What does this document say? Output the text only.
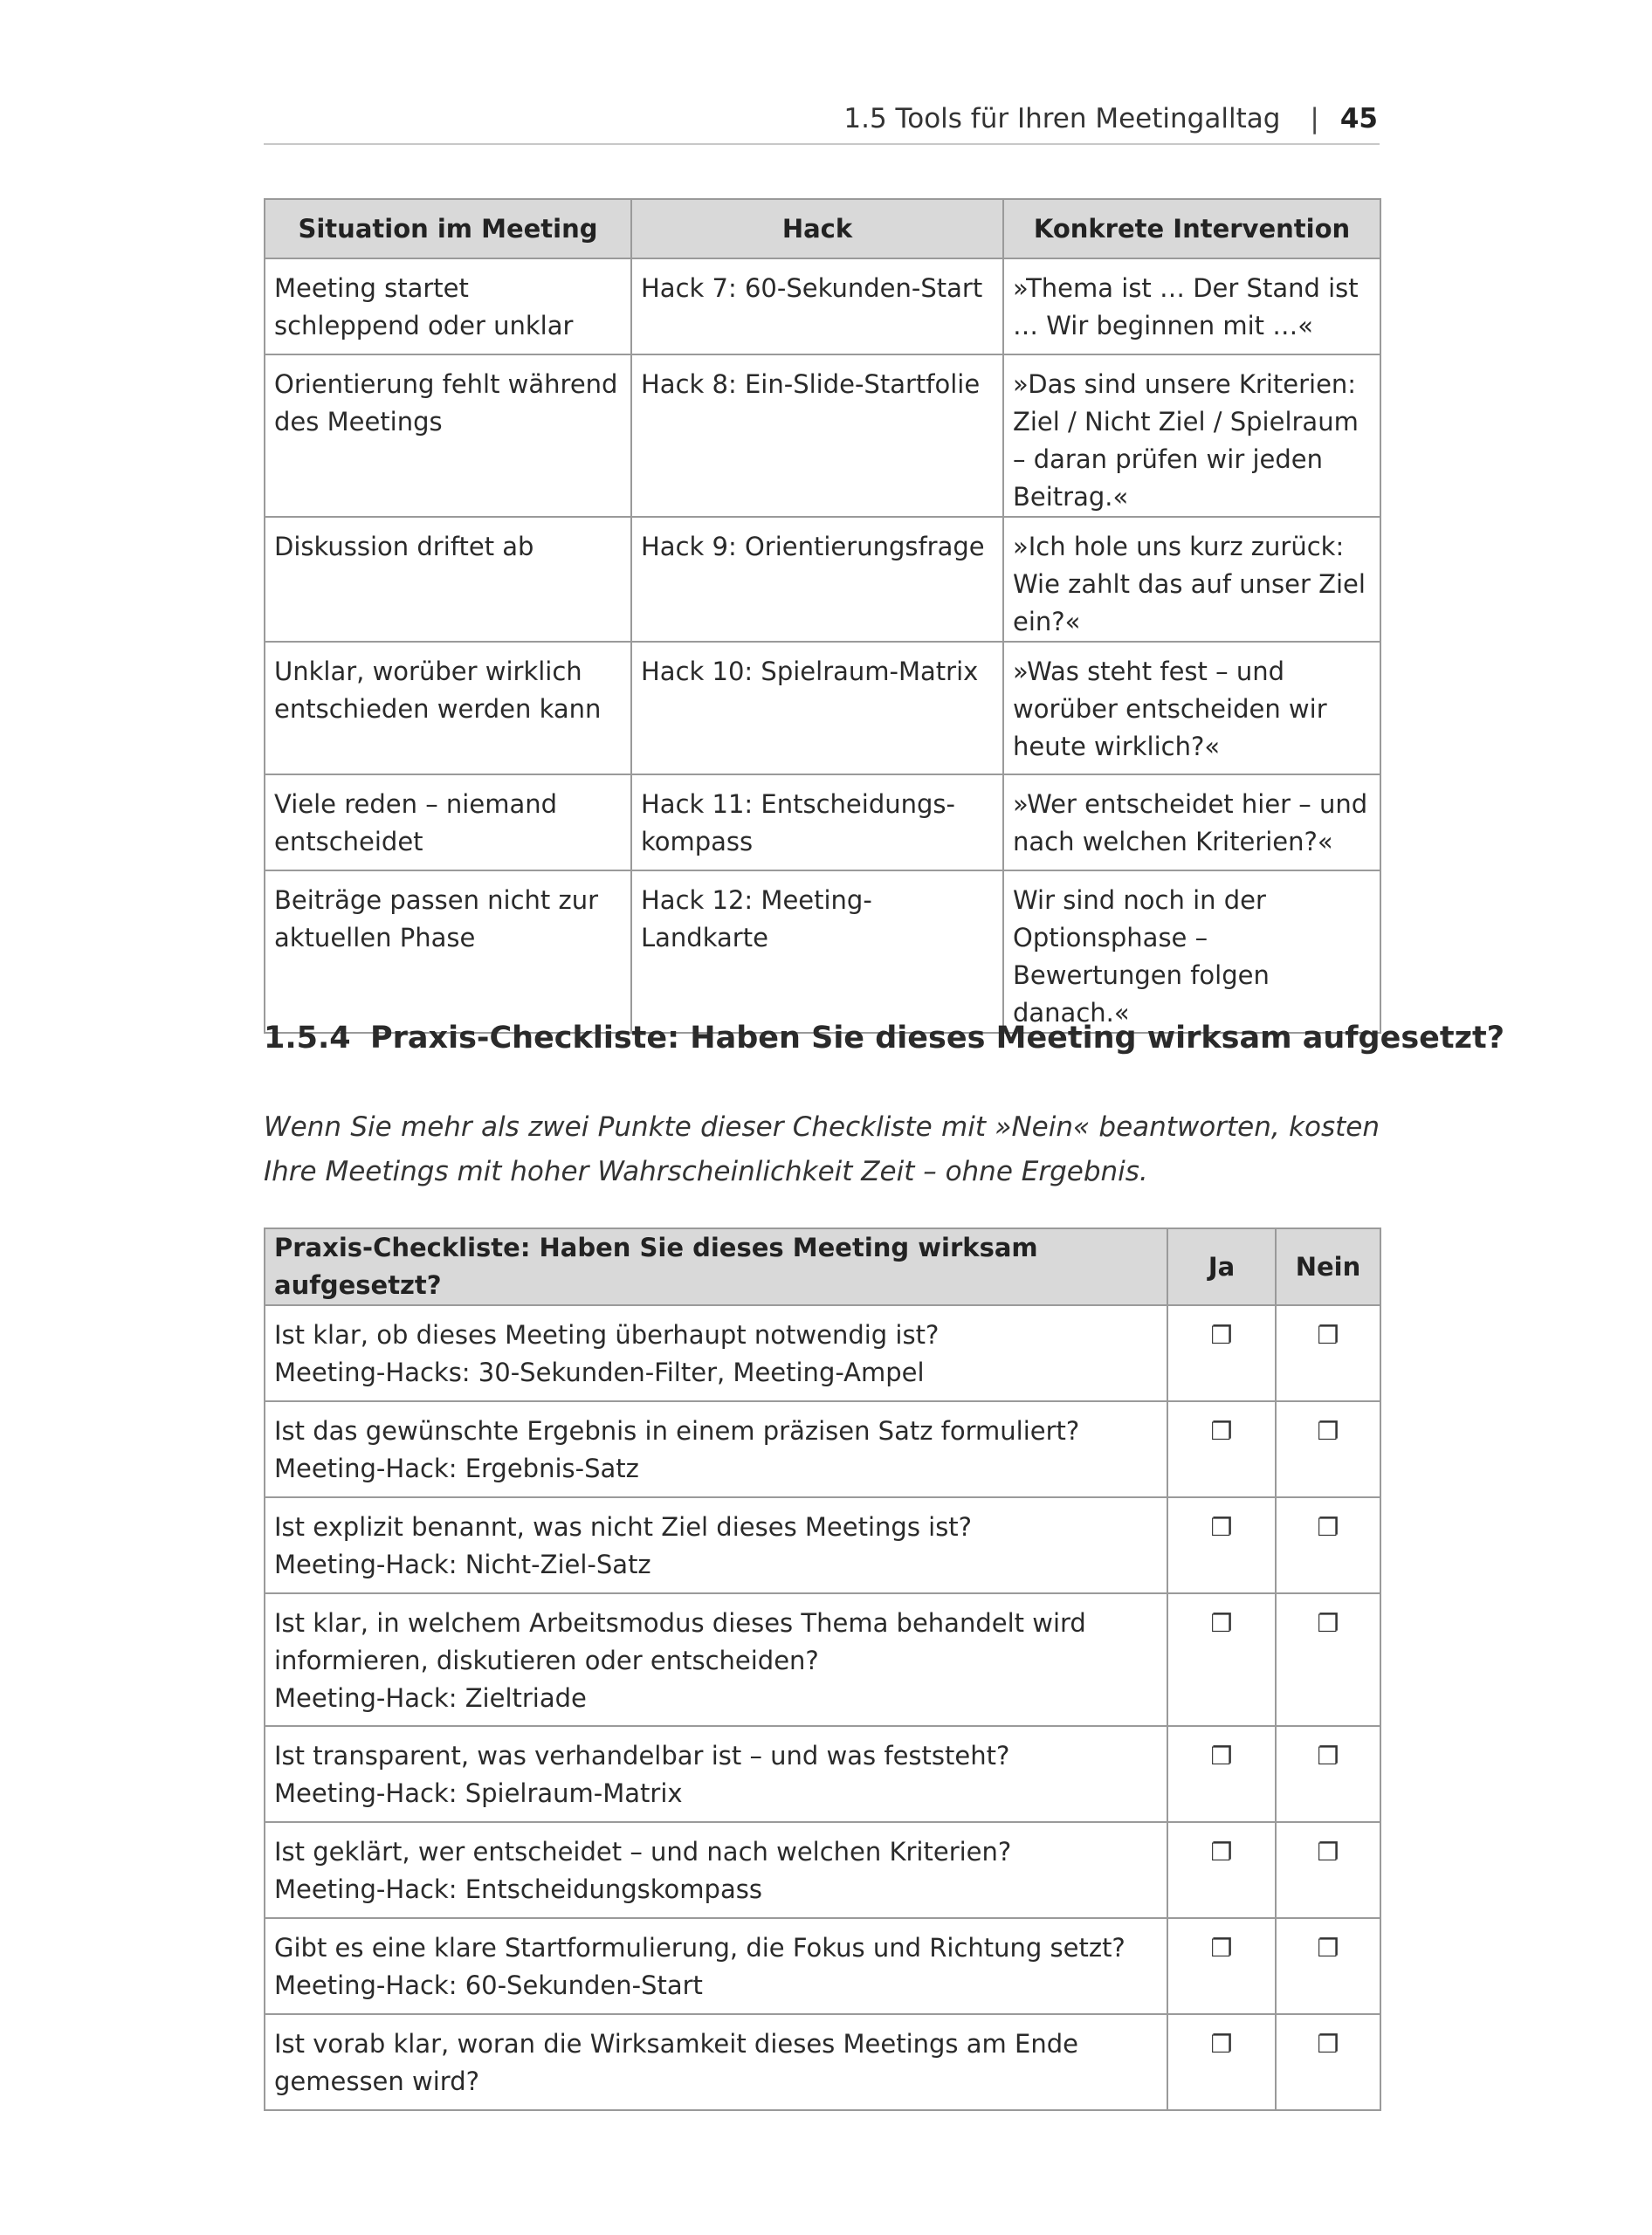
1.5 Tools für Ihren Meetingalltag | 45
Situation im Meeting	Hack	Konkrete Intervention
Meeting startet schleppend oder unklar	Hack 7: 60-Sekunden-Start	»Thema ist … Der Stand ist … Wir beginnen mit …«
Orientierung fehlt während des Meetings	Hack 8: Ein-Slide-Startfolie	»Das sind unsere Kriterien: Ziel / Nicht Ziel / Spielraum – daran prüfen wir jeden Beitrag.«
Diskussion driftet ab	Hack 9: Orientierungsfrage	»Ich hole uns kurz zurück: Wie zahlt das auf unser Ziel ein?«
Unklar, worüber wirklich entschieden werden kann	Hack 10: Spielraum-Matrix	»Was steht fest – und worüber entscheiden wir heute wirklich?«
Viele reden – niemand entscheidet	Hack 11: Entscheidungskompass	»Wer entscheidet hier – und nach welchen Kriterien?«
Beiträge passen nicht zur aktuellen Phase	Hack 12: Meeting-Landkarte	Wir sind noch in der Optionsphase – Bewertungen folgen danach.«
1.5.4 Praxis-Checkliste: Haben Sie dieses Meeting wirksam aufgesetzt?
Wenn Sie mehr als zwei Punkte dieser Checkliste mit »Nein« beantworten, kosten Ihre Meetings mit hoher Wahrscheinlichkeit Zeit – ohne Ergebnis.
Praxis-Checkliste: Haben Sie dieses Meeting wirksam aufgesetzt?	Ja	Nein
Ist klar, ob dieses Meeting überhaupt notwendig ist?
Meeting-Hacks: 30-Sekunden-Filter, Meeting-Ampel	❐	❐
Ist das gewünschte Ergebnis in einem präzisen Satz formuliert?
Meeting-Hack: Ergebnis-Satz	❐	❐
Ist explizit benannt, was nicht Ziel dieses Meetings ist?
Meeting-Hack: Nicht-Ziel-Satz	❐	❐
Ist klar, in welchem Arbeitsmodus dieses Thema behandelt wird informieren, diskutieren oder entscheiden?
Meeting-Hack: Zieltriade	❐	❐
Ist transparent, was verhandelbar ist – und was feststeht?
Meeting-Hack: Spielraum-Matrix	❐	❐
Ist geklärt, wer entscheidet – und nach welchen Kriterien?
Meeting-Hack: Entscheidungskompass	❐	❐
Gibt es eine klare Startformulierung, die Fokus und Richtung setzt?
Meeting-Hack: 60-Sekunden-Start	❐	❐
Ist vorab klar, woran die Wirksamkeit dieses Meetings am Ende gemessen wird?	❐	❐
